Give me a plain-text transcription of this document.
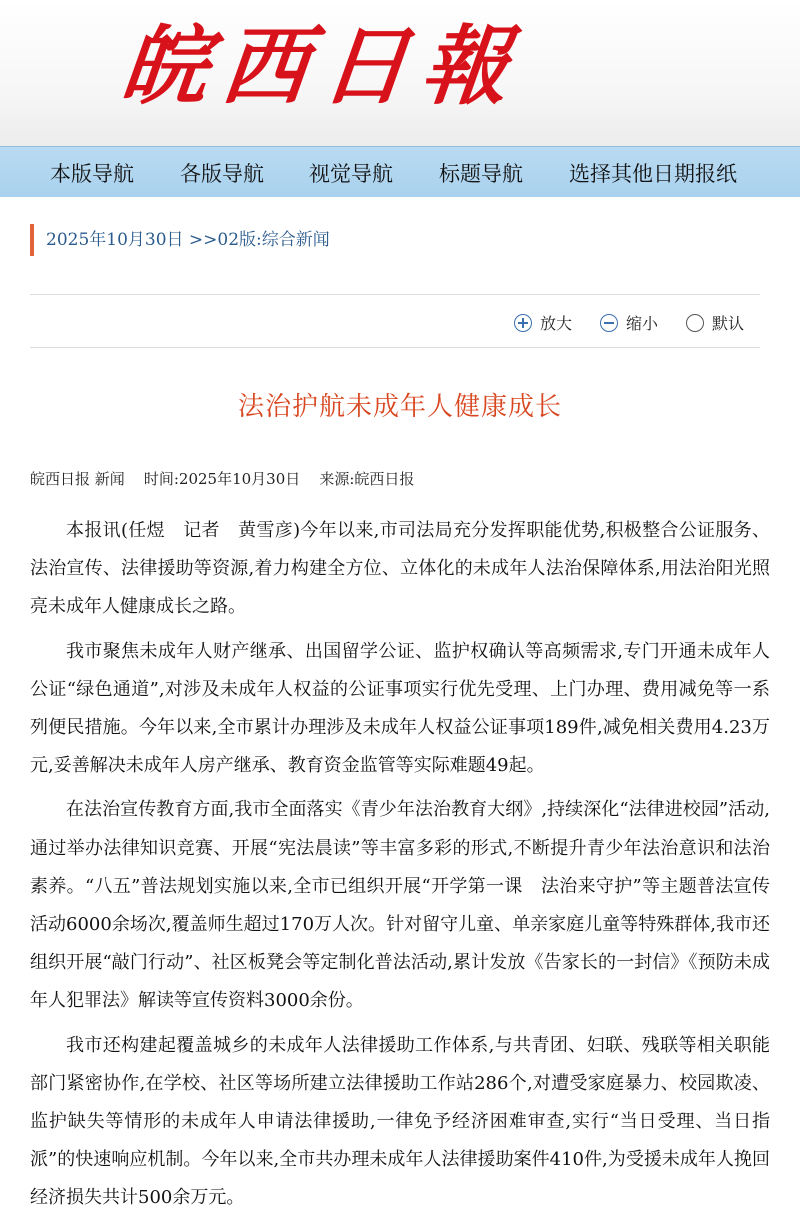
皖西日報
本版导航 各版导航 视觉导航 标题导航 选择其他日期报纸
2025年10月30日 >>02版:综合新闻
放大	缩小	默认
法治护航未成年人健康成长
皖西日报 新闻    时间:2025年10月30日    来源:皖西日报

本报讯(任煜　记者　黄雪彦)今年以来,市司法局充分发挥职能优势,积极整合公证服务、法治宣传、法律援助等资源,着力构建全方位、立体化的未成年人法治保障体系,用法治阳光照亮未成年人健康成长之路。

我市聚焦未成年人财产继承、出国留学公证、监护权确认等高频需求,专门开通未成年人公证“绿色通道”,对涉及未成年人权益的公证事项实行优先受理、上门办理、费用减免等一系列便民措施。今年以来,全市累计办理涉及未成年人权益公证事项189件,减免相关费用4.23万元,妥善解决未成年人房产继承、教育资金监管等实际难题49起。

在法治宣传教育方面,我市全面落实《青少年法治教育大纲》,持续深化“法律进校园”活动,通过举办法律知识竞赛、开展“宪法晨读”等丰富多彩的形式,不断提升青少年法治意识和法治素养。“八五”普法规划实施以来,全市已组织开展“开学第一课　法治来守护”等主题普法宣传活动6000余场次,覆盖师生超过170万人次。针对留守儿童、单亲家庭儿童等特殊群体,我市还组织开展“敲门行动”、社区板凳会等定制化普法活动,累计发放《告家长的一封信》《预防未成年人犯罪法》解读等宣传资料3000余份。

我市还构建起覆盖城乡的未成年人法律援助工作体系,与共青团、妇联、残联等相关职能部门紧密协作,在学校、社区等场所建立法律援助工作站286个,对遭受家庭暴力、校园欺凌、监护缺失等情形的未成年人申请法律援助,一律免予经济困难审查,实行“当日受理、当日指派”的快速响应机制。今年以来,全市共办理未成年人法律援助案件410件,为受援未成年人挽回经济损失共计500余万元。
